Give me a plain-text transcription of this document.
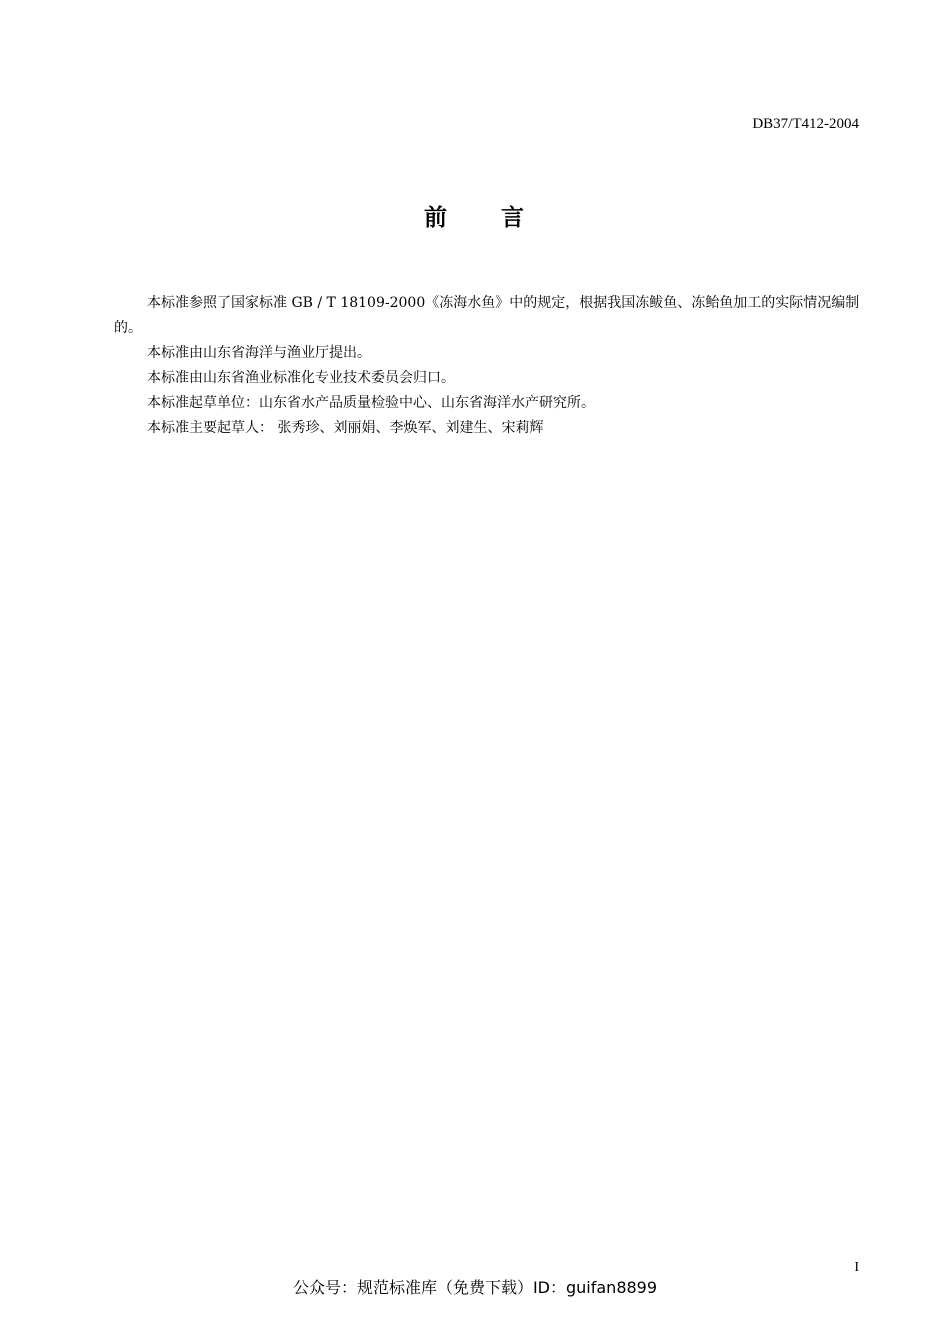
DB37/T412-2004
前 言

本标准参照了国家标准 GB / T 18109-2000《冻海水鱼》中的规定，根据我国冻鲅鱼、冻鲐鱼加工的实际情况编制的。

本标准由山东省海洋与渔业厅提出。

本标准由山东省渔业标准化专业技术委员会归口。

本标准起草单位：山东省水产品质量检验中心、山东省海洋水产研究所。

本标准主要起草人： 张秀珍、刘丽娟、李焕军、刘建生、宋莉辉

I
公众号：规范标准库（免费下载）ID：guifan8899
